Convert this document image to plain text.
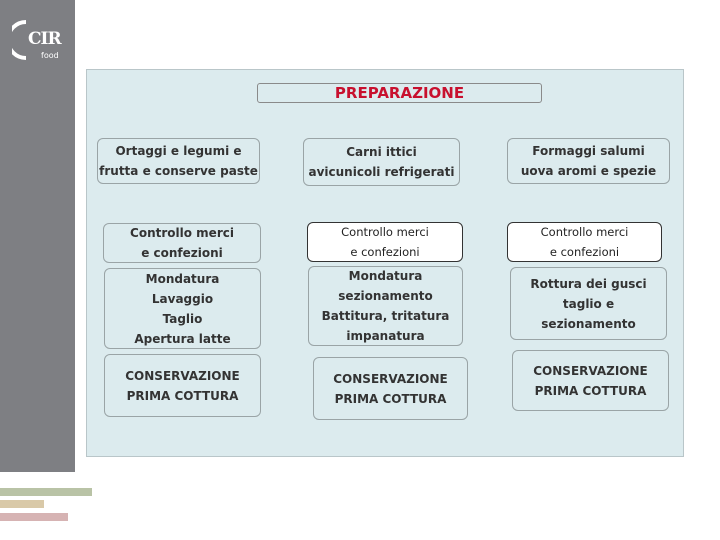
CIR
food
PREPARAZIONE
Ortaggi e legumi e
frutta e conserve paste
Controllo merci
e confezioni
Mondatura
Lavaggio
Taglio
Apertura latte
CONSERVAZIONE
PRIMA COTTURA
Carni ittici
avicunicoli refrigerati
Controllo merci
e confezioni
Mondatura
sezionamento
Battitura, tritatura
impanatura
CONSERVAZIONE
PRIMA COTTURA
Formaggi salumi
uova aromi e spezie
Controllo merci
e confezioni
Rottura dei gusci
taglio e
sezionamento
CONSERVAZIONE
PRIMA COTTURA
